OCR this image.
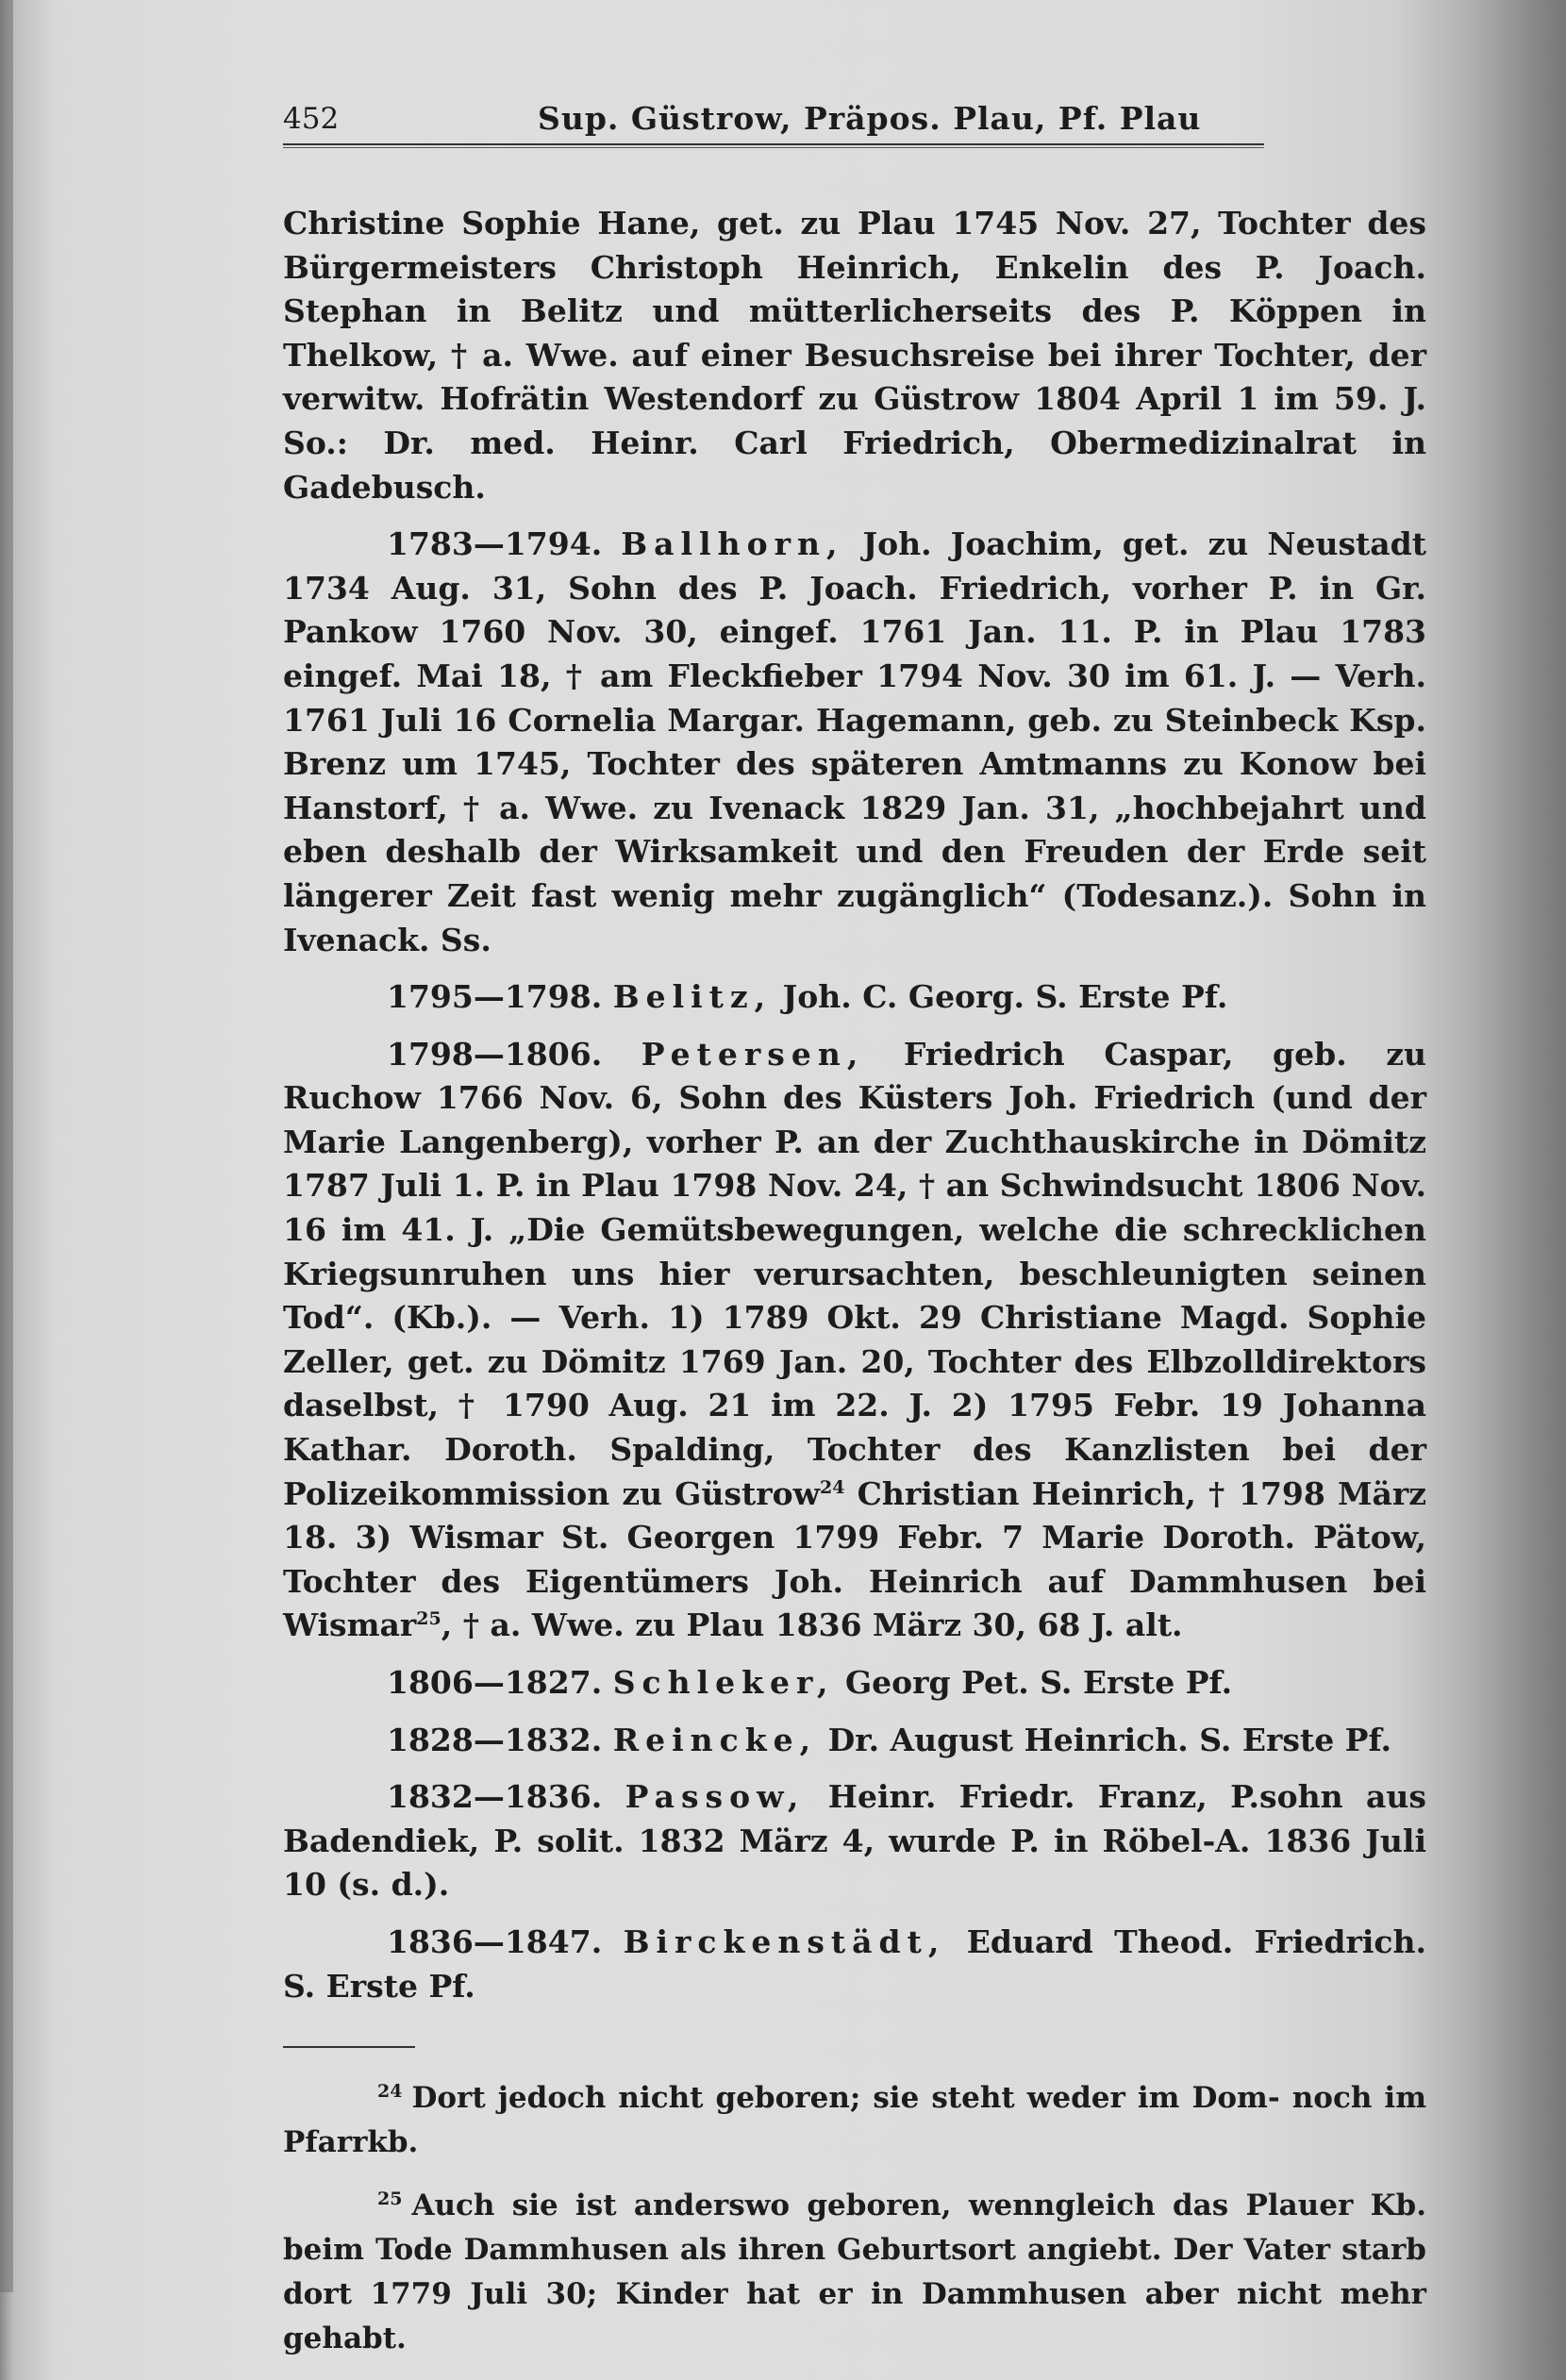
452	Sup. Güstrow, Präpos. Plau, Pf. Plau

Christine Sophie Hane, get. zu Plau 1745 Nov. 27, Tochter des Bürgermeisters Christoph Heinrich, Enkelin des P. Joach. Stephan in Belitz und mütterlicherseits des P. Köppen in Thelkow, † a. Wwe. auf einer Besuchsreise bei ihrer Tochter, der verwitw. Hofrätin Westendorf zu Güstrow 1804 April 1 im 59. J. So.: Dr. med. Heinr. Carl Friedrich, Obermedizinalrat in Gadebusch.

1783—1794. Ballhorn, Joh. Joachim, get. zu Neustadt 1734 Aug. 31, Sohn des P. Joach. Friedrich, vorher P. in Gr. Pankow 1760 Nov. 30, eingef. 1761 Jan. 11. P. in Plau 1783 eingef. Mai 18, † am Fleckfieber 1794 Nov. 30 im 61. J. — Verh. 1761 Juli 16 Cornelia Margar. Hagemann, geb. zu Steinbeck Ksp. Brenz um 1745, Tochter des späteren Amtmanns zu Konow bei Hanstorf, † a. Wwe. zu Ivenack 1829 Jan. 31, „hochbejahrt und eben deshalb der Wirksamkeit und den Freuden der Erde seit längerer Zeit fast wenig mehr zugänglich“ (Todesanz.). Sohn in Ivenack. Ss.

1795—1798. Belitz, Joh. C. Georg. S. Erste Pf.

1798—1806. Petersen, Friedrich Caspar, geb. zu Ruchow 1766 Nov. 6, Sohn des Küsters Joh. Friedrich (und der Marie Langenberg), vorher P. an der Zuchthauskirche in Dömitz 1787 Juli 1. P. in Plau 1798 Nov. 24, † an Schwindsucht 1806 Nov. 16 im 41. J. „Die Gemütsbewegungen, welche die schrecklichen Kriegsunruhen uns hier verursachten, beschleunigten seinen Tod“. (Kb.). — Verh. 1) 1789 Okt. 29 Christiane Magd. Sophie Zeller, get. zu Dömitz 1769 Jan. 20, Tochter des Elbzolldirektors daselbst, † 1790 Aug. 21 im 22. J. 2) 1795 Febr. 19 Johanna Kathar. Doroth. Spalding, Tochter des Kanzlisten bei der Polizeikommission zu Güstrow$^{24}$ Christian Heinrich, † 1798 März 18. 3) Wismar St. Georgen 1799 Febr. 7 Marie Doroth. Pätow, Tochter des Eigentümers Joh. Heinrich auf Dammhusen bei Wismar$^{25}$, † a. Wwe. zu Plau 1836 März 30, 68 J. alt.

1806—1827. Schleker, Georg Pet. S. Erste Pf.

1828—1832. Reincke, Dr. August Heinrich. S. Erste Pf.

1832—1836. Passow, Heinr. Friedr. Franz, P.sohn aus Badendiek, P. solit. 1832 März 4, wurde P. in Röbel-A. 1836 Juli 10 (s. d.).

1836—1847. Birckenstädt, Eduard Theod. Friedrich. S. Erste Pf.

$^{24}$ Dort jedoch nicht geboren; sie steht weder im Dom- noch im Pfarrkb.

$^{25}$ Auch sie ist anderswo geboren, wenngleich das Plauer Kb. beim Tode Dammhusen als ihren Geburtsort angiebt. Der Vater starb dort 1779 Juli 30; Kinder hat er in Dammhusen aber nicht mehr gehabt.
